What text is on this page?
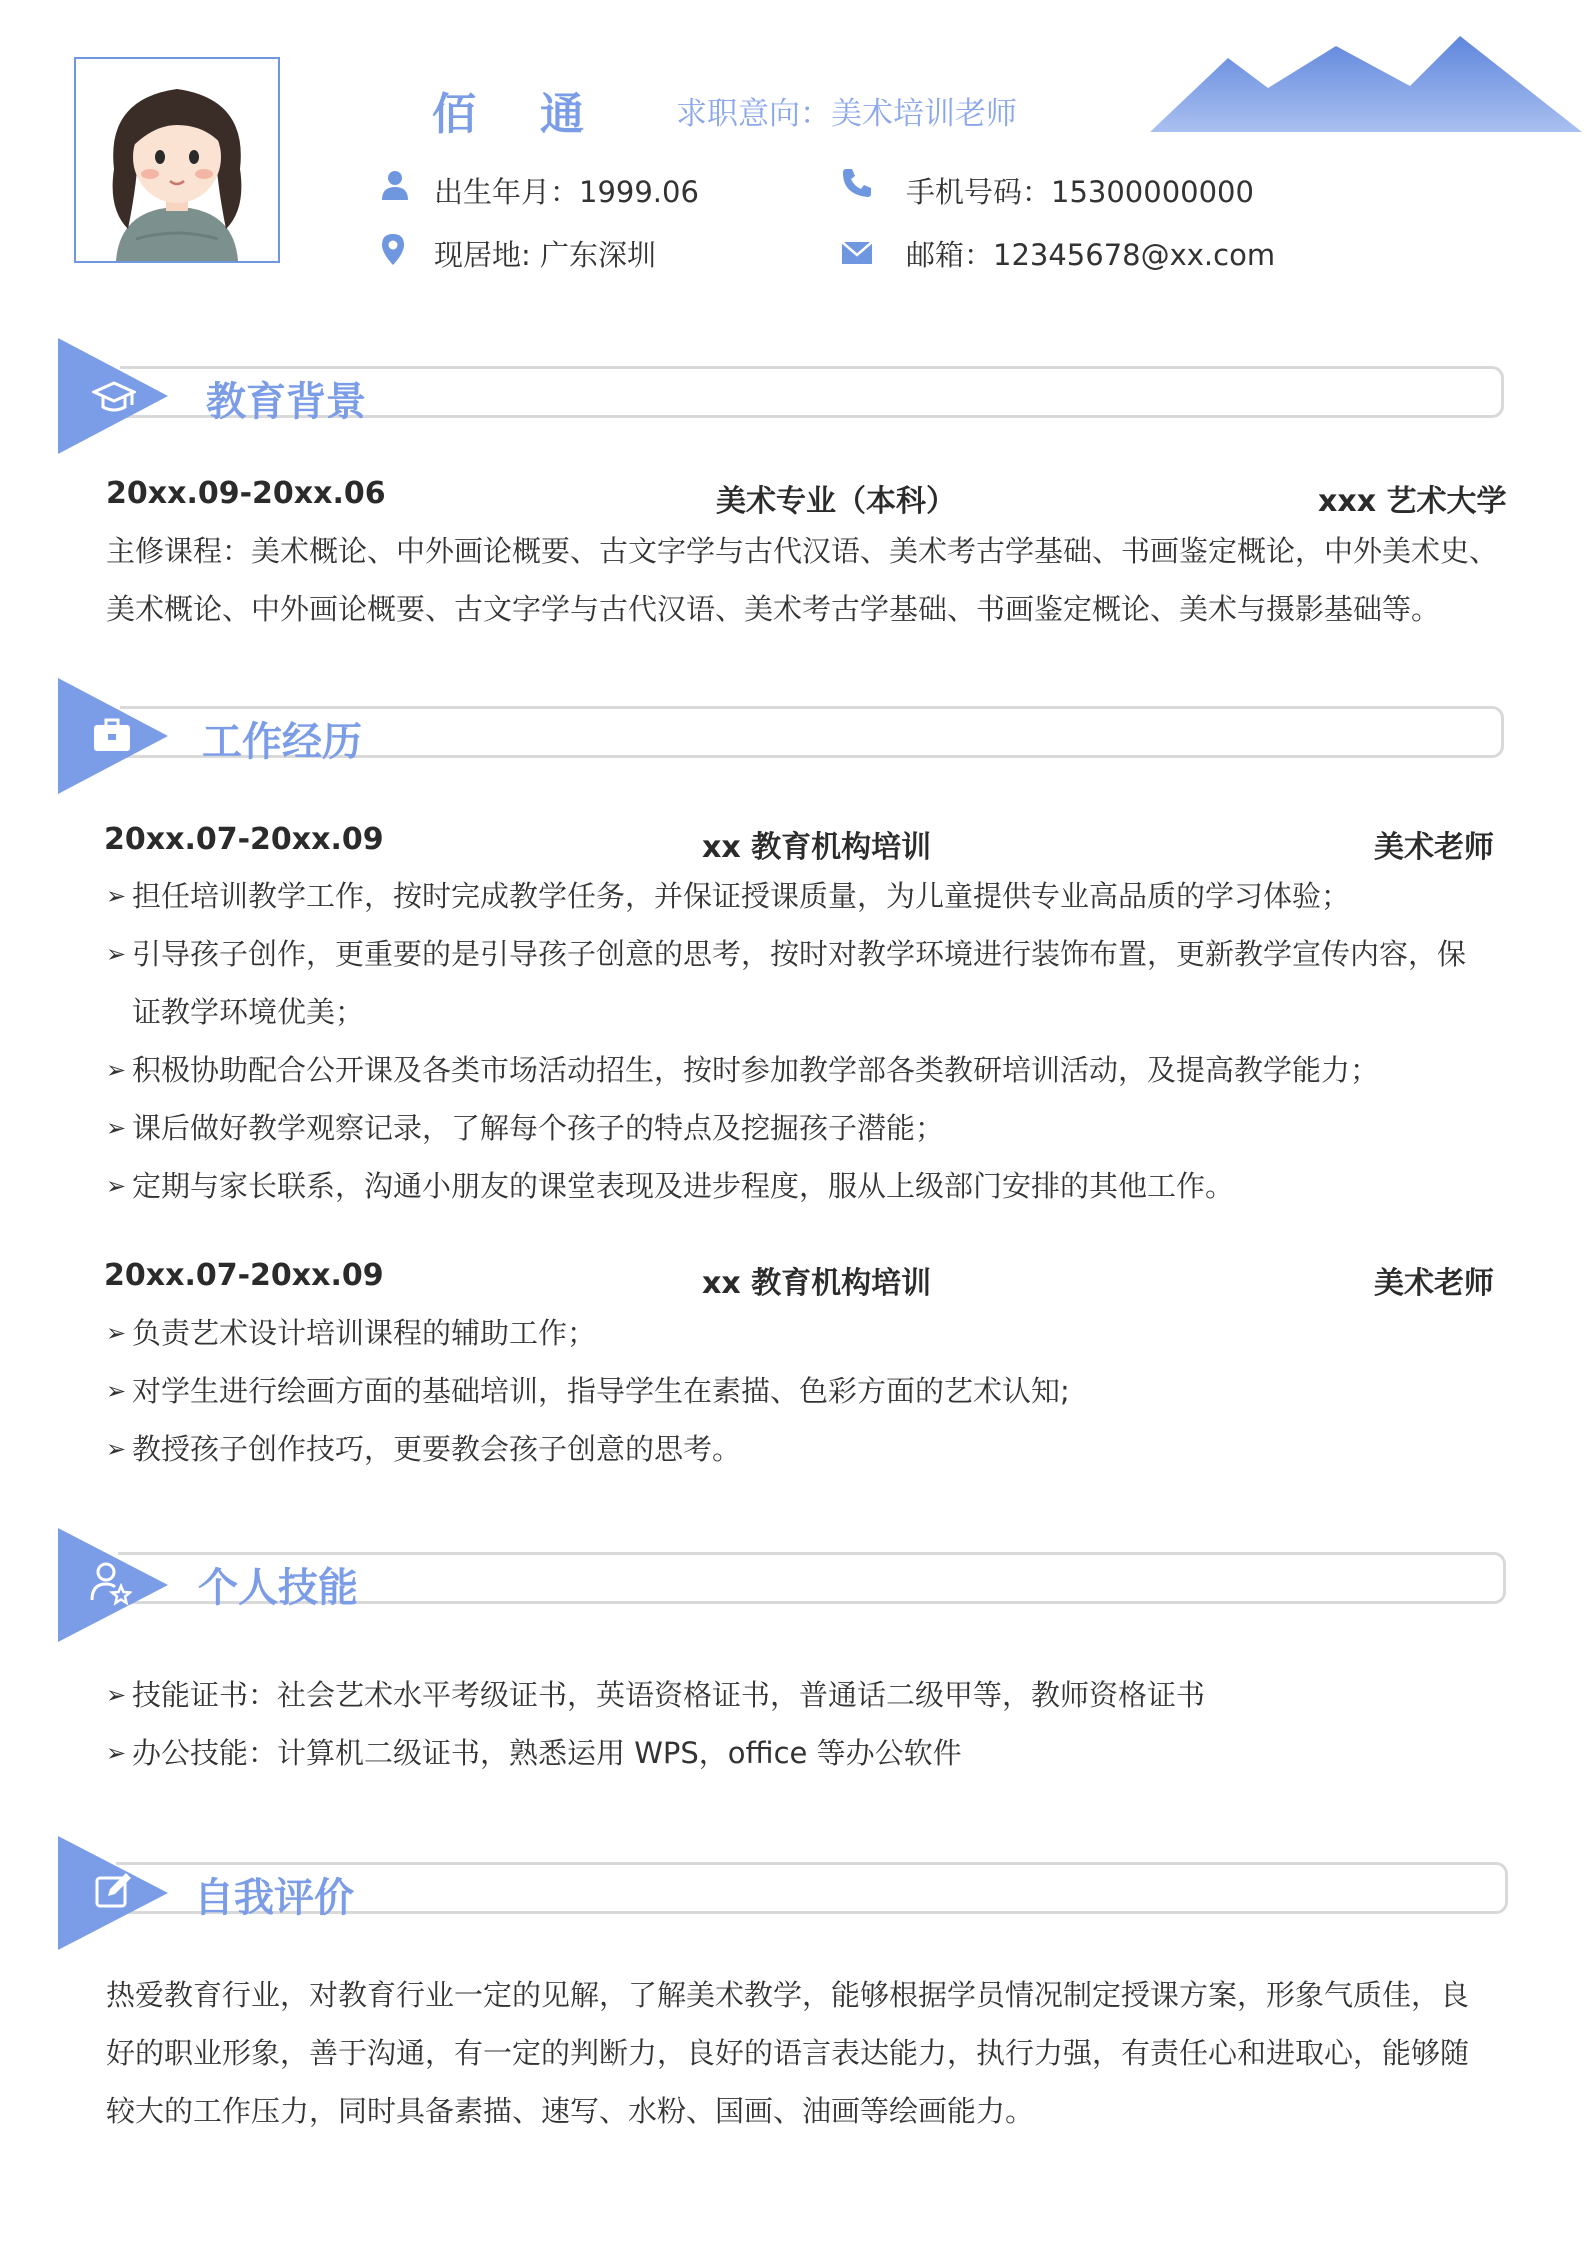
佰通 求职意向：美术培训老师
出生年月：1999.06	手机号码：15300000000
现居地: 广东深圳	邮箱：12345678@xx.com
教育背景
20xx.09-20xx.06	美术专业（本科）	xxx 艺术大学
主修课程：美术概论、中外画论概要、古文字学与古代汉语、美术考古学基础、书画鉴定概论，中外美术史、
美术概论、中外画论概要、古文字学与古代汉语、美术考古学基础、书画鉴定概论、美术与摄影基础等。
工作经历
20xx.07-20xx.09	xx 教育机构培训	美术老师
➢ 担任培训教学工作，按时完成教学任务，并保证授课质量，为儿童提供专业高品质的学习体验；
➢ 引导孩子创作，更重要的是引导孩子创意的思考，按时对教学环境进行装饰布置，更新教学宣传内容，保
证教学环境优美；
➢ 积极协助配合公开课及各类市场活动招生，按时参加教学部各类教研培训活动，及提高教学能力；
➢ 课后做好教学观察记录，了解每个孩子的特点及挖掘孩子潜能；
➢ 定期与家长联系，沟通小朋友的课堂表现及进步程度，服从上级部门安排的其他工作。
20xx.07-20xx.09	xx 教育机构培训	美术老师
➢ 负责艺术设计培训课程的辅助工作；
➢ 对学生进行绘画方面的基础培训，指导学生在素描、色彩方面的艺术认知;
➢ 教授孩子创作技巧，更要教会孩子创意的思考。
个人技能
➢ 技能证书：社会艺术水平考级证书，英语资格证书，普通话二级甲等，教师资格证书
➢ 办公技能：计算机二级证书，熟悉运用 WPS，office 等办公软件
自我评价
热爱教育行业，对教育行业一定的见解，了解美术教学，能够根据学员情况制定授课方案，形象气质佳，良
好的职业形象，善于沟通，有一定的判断力，良好的语言表达能力，执行力强，有责任心和进取心，能够随
较大的工作压力，同时具备素描、速写、水粉、国画、油画等绘画能力。
